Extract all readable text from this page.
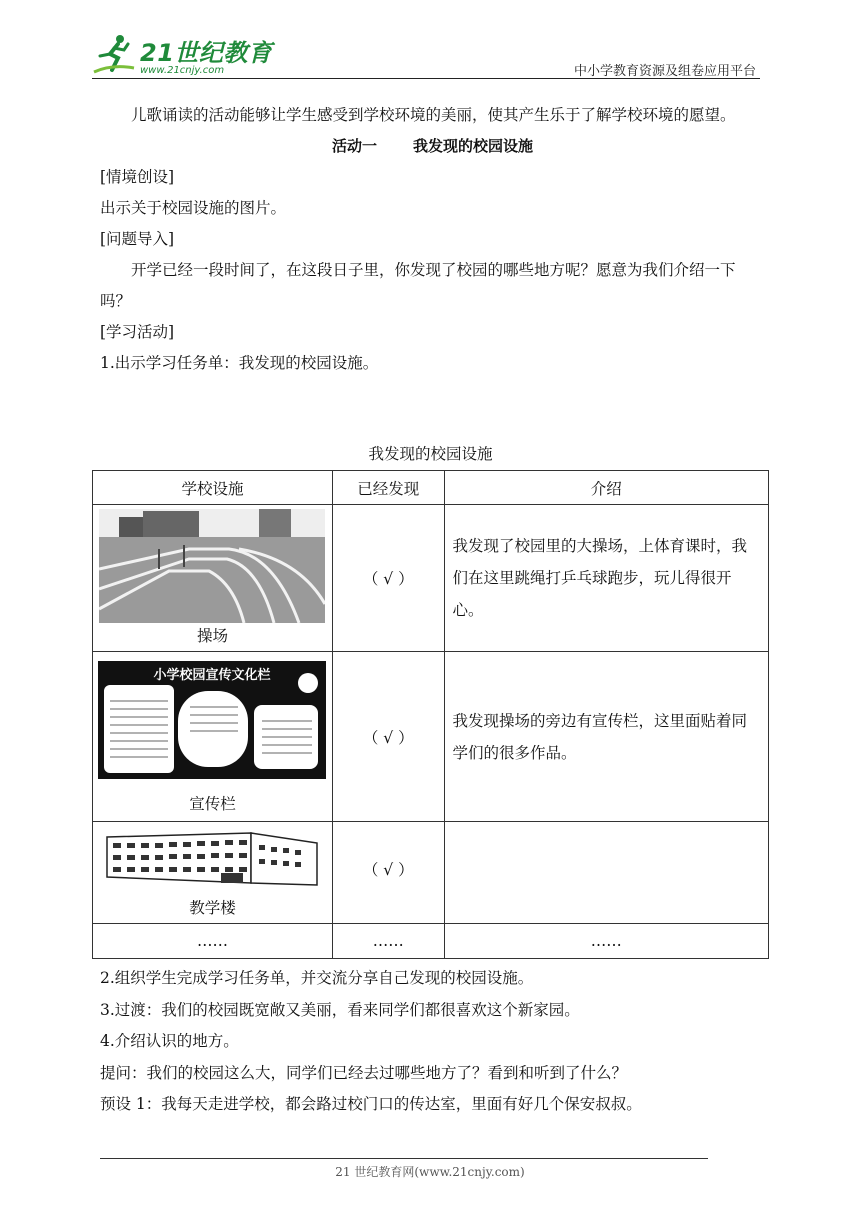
21世纪教育
www.21cnjy.com	中小学教育资源及组卷应用平台

儿歌诵读的活动能够让学生感受到学校环境的美丽，使其产生乐于了解学校环境的愿望。

活动一 我发现的校园设施

[情境创设]

出示关于校园设施的图片。

[问题导入]

开学已经一段时间了，在这段日子里，你发现了校园的哪些地方呢？愿意为我们介绍一下吗？

[学习活动]

1.出示学习任务单：我发现的校园设施。

我发现的校园设施
学校设施	已经发现	介绍

操场	（ √ ）	我发现了校园里的大操场，上体育课时，我们在这里跳绳打乒乓球跑步，玩儿得很开心。

小学校园宣传文化栏
宣传栏	（ √ ）	我发现操场的旁边有宣传栏，这里面贴着同学们的很多作品。

教学楼	（ √ ）	
……	……	……

2.组织学生完成学习任务单，并交流分享自己发现的校园设施。

3.过渡：我们的校园既宽敞又美丽，看来同学们都很喜欢这个新家园。

4.介绍认识的地方。

提问：我们的校园这么大，同学们已经去过哪些地方了？看到和听到了什么？

预设 1：我每天走进学校，都会路过校门口的传达室，里面有好几个保安叔叔。

21 世纪教育网(www.21cnjy.com)
